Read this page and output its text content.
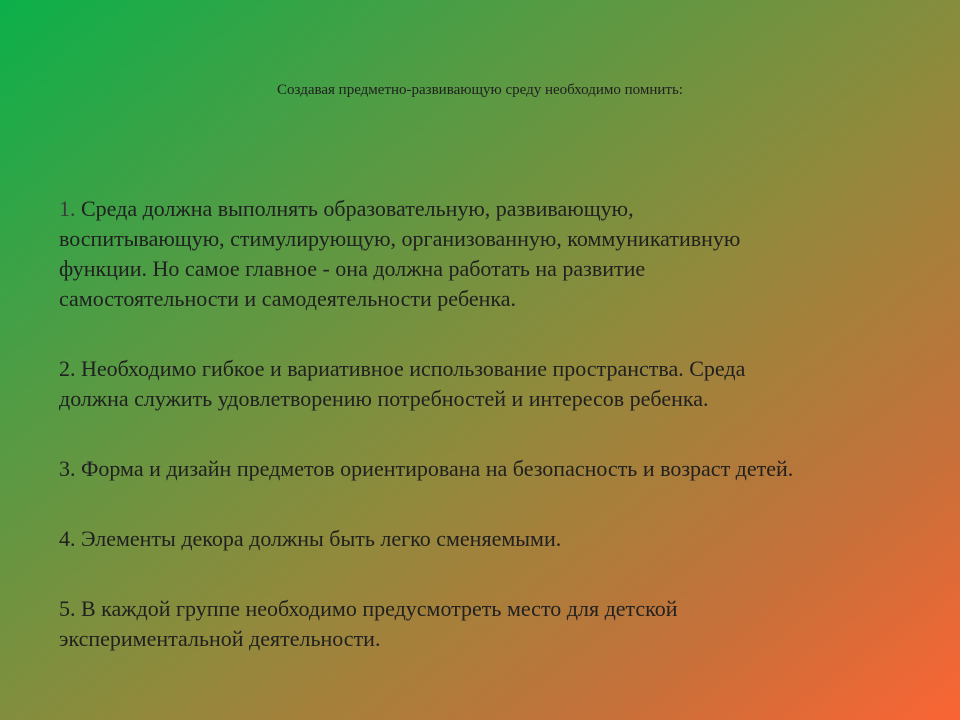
Создавая предметно-развивающую среду необходимо помнить:
1. Среда должна выполнять образовательную, развивающую,
воспитывающую, стимулирующую, организованную, коммуникативную
функции. Но самое главное - она должна работать на развитие
самостоятельности и самодеятельности ребенка.
2. Необходимо гибкое и вариативное использование пространства. Среда
должна служить удовлетворению потребностей и интересов ребенка.
3. Форма и дизайн предметов ориентирована на безопасность и возраст детей.
4. Элементы декора должны быть легко сменяемыми.
5. В каждой группе необходимо предусмотреть место для детской
экспериментальной деятельности.
